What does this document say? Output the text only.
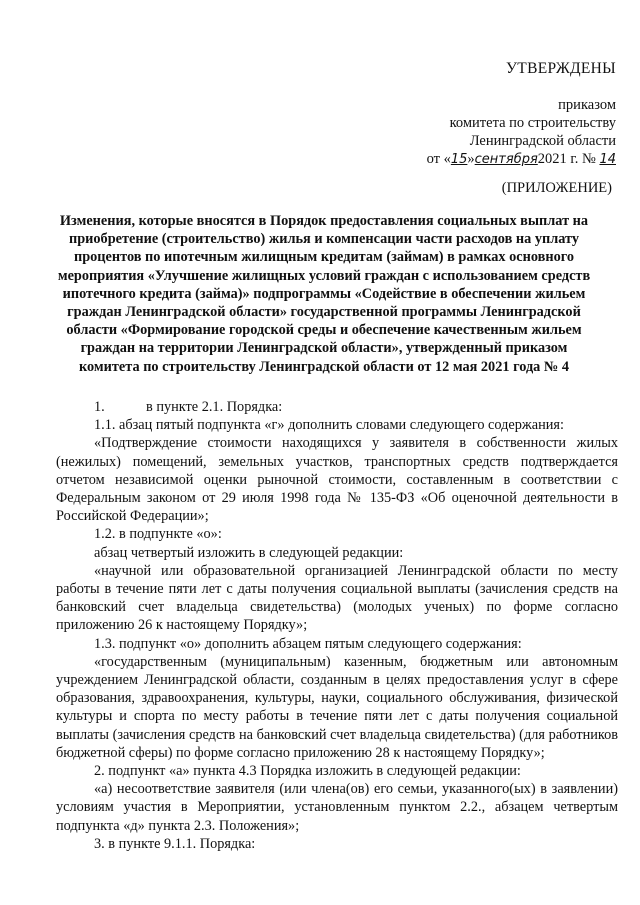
УТВЕРЖДЕНЫ
приказом
комитета по строительству
Ленинградской области
от «15»сентября2021 г. № 14
(ПРИЛОЖЕНИЕ)
Изменения, которые вносятся в Порядок предоставления социальных выплат на приобретение (строительство) жилья и компенсации части расходов на уплату процентов по ипотечным жилищным кредитам (займам) в рамках основного мероприятия «Улучшение жилищных условий граждан с использованием средств ипотечного кредита (займа)» подпрограммы «Содействие в обеспечении жильем граждан Ленинградской области» государственной программы Ленинградской области «Формирование городской среды и обеспечение качественным жильем граждан на территории Ленинградской области», утвержденный приказом комитета по строительству Ленинградской области от 12 мая 2021 года № 4

1.	в пункте 2.1. Порядка:

1.1. абзац пятый подпункта «г» дополнить словами следующего содержания:

«Подтверждение стоимости находящихся у заявителя в собственности жилых (нежилых) помещений, земельных участков, транспортных средств подтверждается отчетом независимой оценки рыночной стоимости, составленным в соответствии с Федеральным законом от 29 июля 1998 года № 135-ФЗ «Об оценочной деятельности в Российской Федерации»;

1.2. в подпункте «о»:

абзац четвертый изложить в следующей редакции:

«научной или образовательной организацией Ленинградской области по месту работы в течение пяти лет с даты получения социальной выплаты (зачисления средств на банковский счет владельца свидетельства) (молодых ученых) по форме согласно приложению 26 к настоящему Порядку»;

1.3. подпункт «о» дополнить абзацем пятым следующего содержания:

«государственным (муниципальным) казенным, бюджетным или автономным учреждением Ленинградской области, созданным в целях предоставления услуг в сфере образования, здравоохранения, культуры, науки, социального обслуживания, физической культуры и спорта по месту работы в течение пяти лет с даты получения социальной выплаты (зачисления средств на банковский счет владельца свидетельства) (для работников бюджетной сферы) по форме согласно приложению 28 к настоящему Порядку»;

2. подпункт «а» пункта 4.3 Порядка изложить в следующей редакции:

«а) несоответствие заявителя (или члена(ов) его семьи, указанного(ых) в заявлении) условиям участия в Мероприятии, установленным пунктом 2.2., абзацем четвертым подпункта «д» пункта 2.3. Положения»;

3. в пункте 9.1.1. Порядка:
